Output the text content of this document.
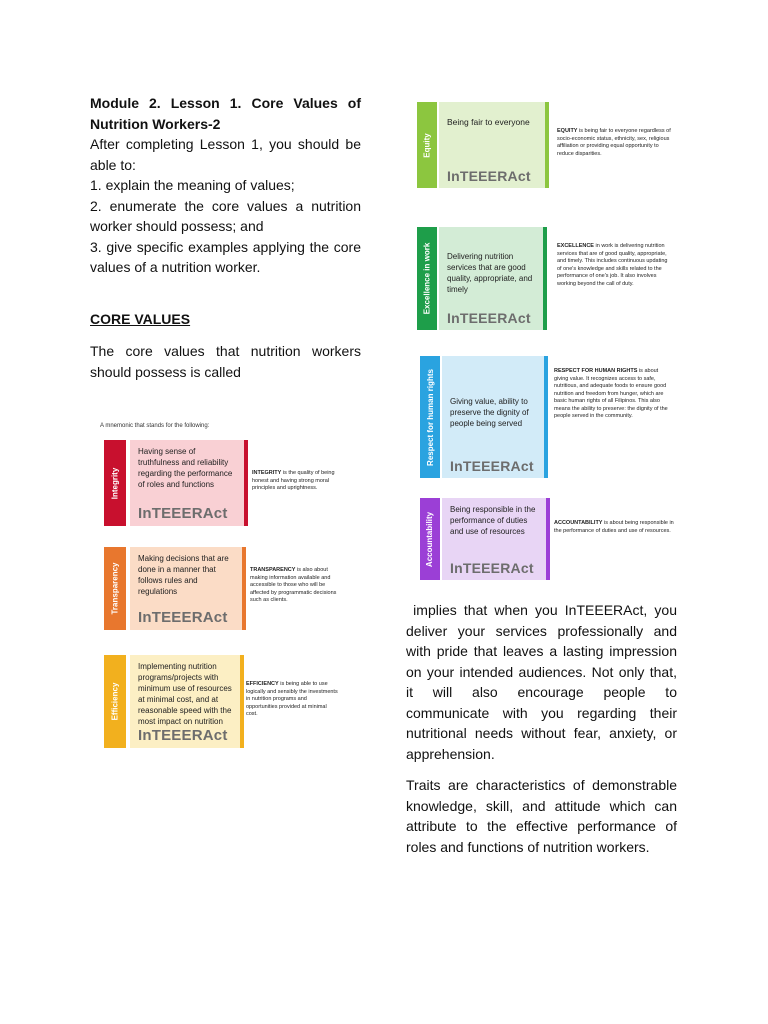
Module 2. Lesson 1. Core Values of Nutrition Workers-2

After completing Lesson 1, you should be able to:

1. explain the meaning of values;

2. enumerate the core values a nutrition worker should possess; and

3. give specific examples applying the core values of a nutrition worker.

CORE VALUES
The core values that nutrition workers should possess is called
A mnemonic that stands for the following:
Integrity
Having sense of truthfulness and reliability regarding the performance of roles and functions
InTEEERAct
INTEGRITY is the quality of being honest and having strong moral principles and uprightness.
Transparency
Making decisions that are done in a manner that follows rules and regulations
InTEEERAct
TRANSPARENCY is also about making information available and accessible to those who will be affected by programmatic decisions such as clients.
Efficiency
Implementing nutrition programs/projects with minimum use of resources at minimal cost, and at reasonable speed with the most impact on nutrition
InTEEERAct
EFFICIENCY is being able to use logically and sensibly the investments in nutrition programs and opportunities provided at minimal cost.
Equity
Being fair to everyone
InTEEERAct
EQUITY is being fair to everyone regardless of socio-economic status, ethnicity, sex, religious affiliation or providing equal opportunity to reduce disparities.
Excellence in work Delivering nutrition services that are good quality, appropriate, and timely
InTEEERAct
EXCELLENCE in work is delivering nutrition services that are of good quality, appropriate, and timely. This includes continuous updating of one's knowledge and skills related to the performance of one's job. It also involves working beyond the call of duty.
Respect for human rights Giving value, ability to preserve the dignity of people being served
InTEEERAct
RESPECT FOR HUMAN RIGHTS is about giving value. It recognizes access to safe, nutritious, and adequate foods to ensure good nutrition and freedom from hunger, which are basic human rights of all Filipinos. This also means the ability to preserve: the dignity of the people served in the community.
Accountability
Being responsible in the performance of duties and use of resources
InTEEERAct
ACCOUNTABILITY is about being responsible in the performance of duties and use of resources.
implies that when you InTEEERAct, you deliver your services professionally and with pride that leaves a lasting impression on your intended audiences. Not only that, it will also encourage people to communicate with you regarding their nutritional needs without fear, anxiety, or apprehension.
Traits are characteristics of demonstrable knowledge, skill, and attitude which can attribute to the effective performance of roles and functions of nutrition workers.
